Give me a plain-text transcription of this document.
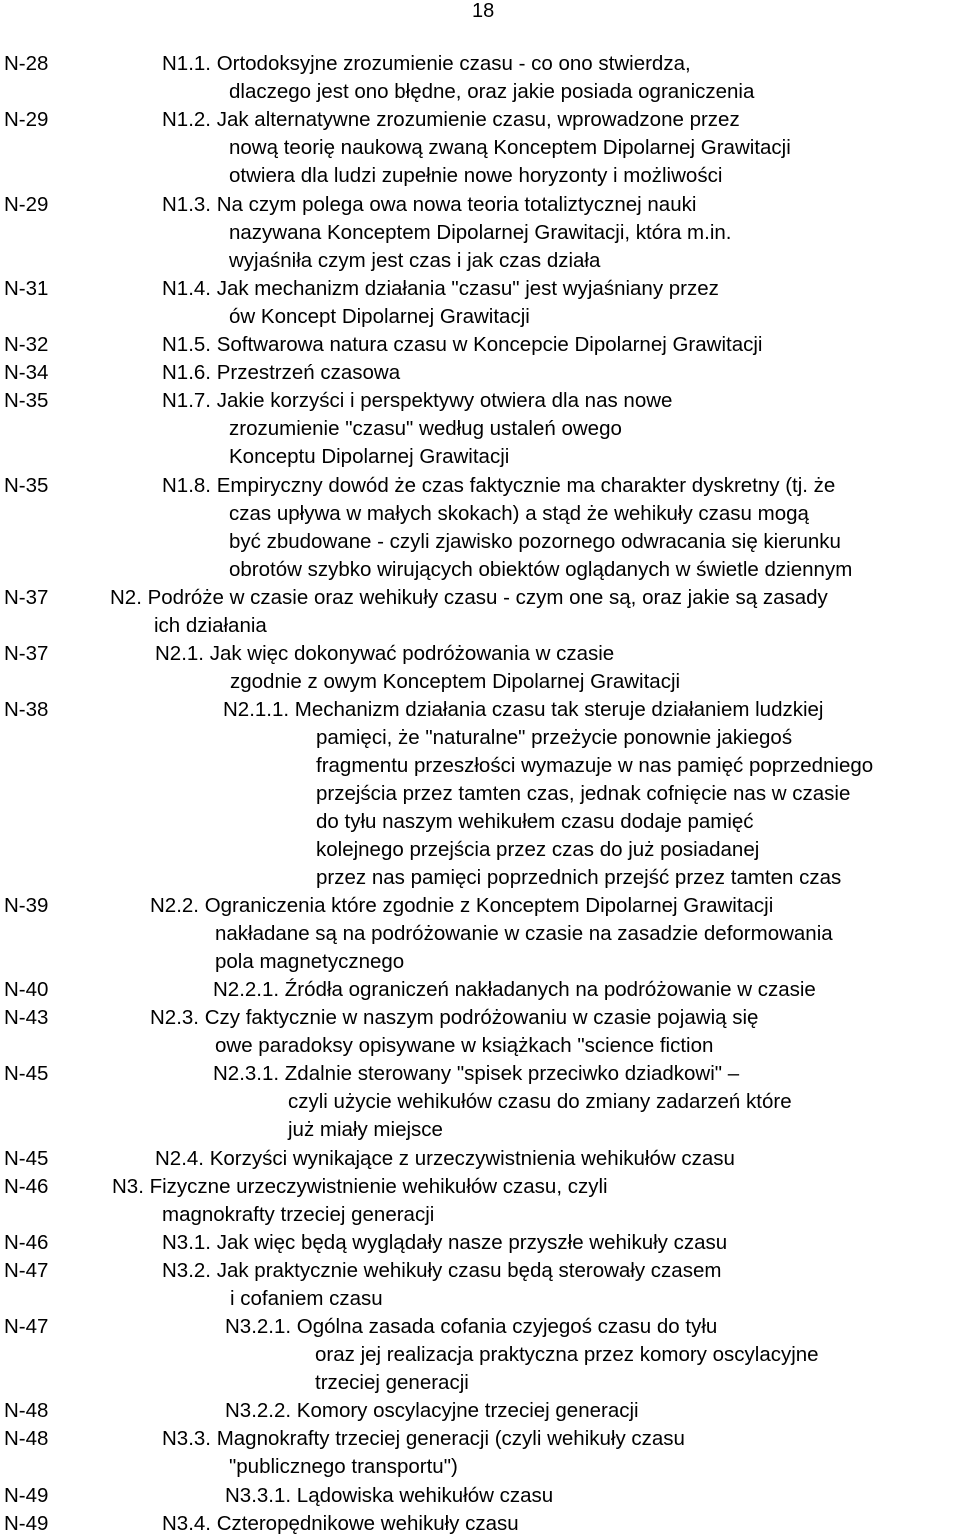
18
N-28	N1.1. Ortodoksyjne zrozumienie czasu - co ono stwierdza,
dlaczego jest ono błędne, oraz jakie posiada ograniczenia
N-29	N1.2. Jak alternatywne zrozumienie czasu, wprowadzone przez
nową teorię naukową zwaną Konceptem Dipolarnej Grawitacji
otwiera dla ludzi zupełnie nowe horyzonty i możliwości
N-29	N1.3. Na czym polega owa nowa teoria totaliztycznej nauki
nazywana Konceptem Dipolarnej Grawitacji, która m.in.
wyjaśniła czym jest czas i jak czas działa
N-31	N1.4. Jak mechanizm działania "czasu" jest wyjaśniany przez
ów Koncept Dipolarnej Grawitacji
N-32	N1.5. Softwarowa natura czasu w Koncepcie Dipolarnej Grawitacji
N-34	N1.6. Przestrzeń czasowa
N-35	N1.7. Jakie korzyści i perspektywy otwiera dla nas nowe
zrozumienie "czasu" według ustaleń owego
Konceptu Dipolarnej Grawitacji
N-35	N1.8. Empiryczny dowód że czas faktycznie ma charakter dyskretny (tj. że
czas upływa w małych skokach) a stąd że wehikuły czasu mogą
być zbudowane - czyli zjawisko pozornego odwracania się kierunku
obrotów szybko wirujących obiektów oglądanych w świetle dziennym
N-37	N2. Podróże w czasie oraz wehikuły czasu - czym one są, oraz jakie są zasady
ich działania
N-37	N2.1. Jak więc dokonywać podróżowania w czasie
zgodnie z owym Konceptem Dipolarnej Grawitacji
N-38	N2.1.1. Mechanizm działania czasu tak steruje działaniem ludzkiej
pamięci, że "naturalne" przeżycie ponownie jakiegoś
fragmentu przeszłości wymazuje w nas pamięć poprzedniego
przejścia przez tamten czas, jednak cofnięcie nas w czasie
do tyłu naszym wehikułem czasu dodaje pamięć
kolejnego przejścia przez czas do już posiadanej
przez nas pamięci poprzednich przejść przez tamten czas
N-39	N2.2. Ograniczenia które zgodnie z Konceptem Dipolarnej Grawitacji
nakładane są na podróżowanie w czasie na zasadzie deformowania
pola magnetycznego
N-40	N2.2.1. Źródła ograniczeń nakładanych na podróżowanie w czasie
N-43	N2.3. Czy faktycznie w naszym podróżowaniu w czasie pojawią się
owe paradoksy opisywane w książkach "science fiction
N-45	N2.3.1. Zdalnie sterowany "spisek przeciwko dziadkowi" –
czyli użycie wehikułów czasu do zmiany zadarzeń które
już miały miejsce
N-45	N2.4. Korzyści wynikające z urzeczywistnienia wehikułów czasu
N-46	N3. Fizyczne urzeczywistnienie wehikułów czasu, czyli
magnokrafty trzeciej generacji
N-46	N3.1. Jak więc będą wyglądały nasze przyszłe wehikuły czasu
N-47	N3.2. Jak praktycznie wehikuły czasu będą sterowały czasem
i cofaniem czasu
N-47	N3.2.1. Ogólna zasada cofania czyjegoś czasu do tyłu
oraz jej realizacja praktyczna przez komory oscylacyjne
trzeciej generacji
N-48	N3.2.2. Komory oscylacyjne trzeciej generacji
N-48	N3.3. Magnokrafty trzeciej generacji (czyli wehikuły czasu
"publicznego transportu")
N-49	N3.3.1. Lądowiska wehikułów czasu
N-49	N3.4. Czteropędnikowe wehikuły czasu
